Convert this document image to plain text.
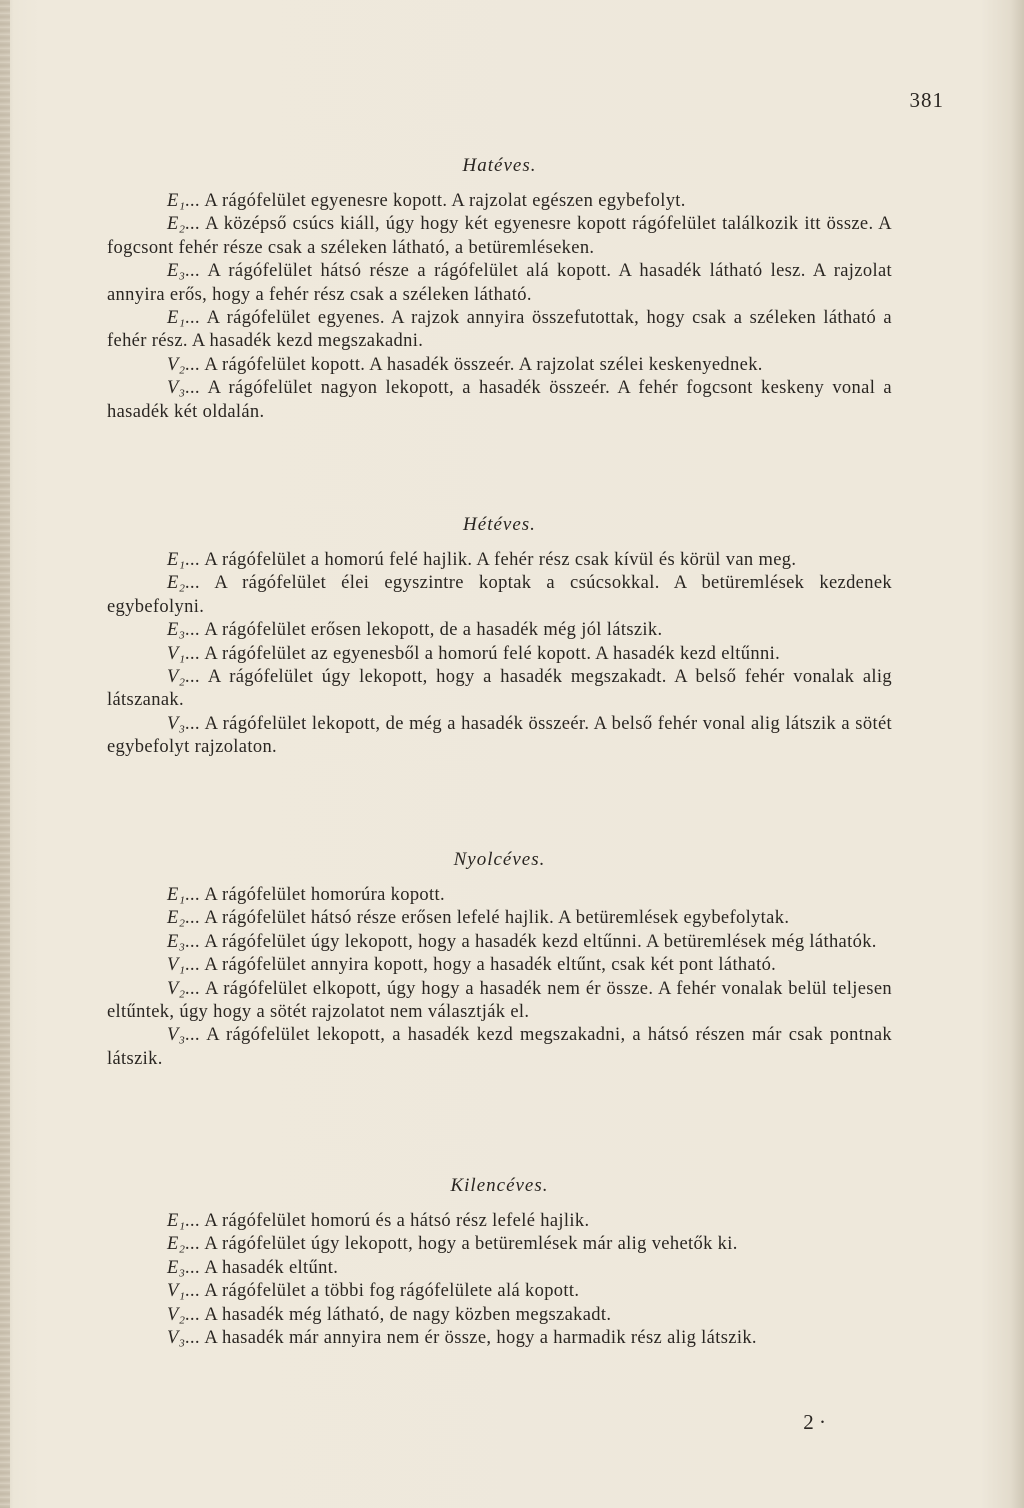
381
Hatéves.

E₁... A rágófelület egyenesre kopott. A rajzolat egészen egybefolyt.

E₂... A középső csúcs kiáll, úgy hogy két egyenesre kopott rágófelület találkozik itt össze. A fogcsont fehér része csak a széleken látható, a betüremléseken.

E₃... A rágófelület hátsó része a rágófelület alá kopott. A hasadék látható lesz. A rajzolat annyira erős, hogy a fehér rész csak a széleken látható.

E₁... A rágófelület egyenes. A rajzok annyira összefutottak, hogy csak a széleken látható a fehér rész. A hasadék kezd megszakadni.

V₂... A rágófelület kopott. A hasadék összeér. A rajzolat szélei keskenyednek.

V₃... A rágófelület nagyon lekopott, a hasadék összeér. A fehér fogcsont keskeny vonal a hasadék két oldalán.

Hétéves.

E₁... A rágófelület a homorú felé hajlik. A fehér rész csak kívül és körül van meg.

E₂... A rágófelület élei egyszintre koptak a csúcsokkal. A betüremlések kezdenek egybefolyni.

E₃... A rágófelület erősen lekopott, de a hasadék még jól látszik.

V₁... A rágófelület az egyenesből a homorú felé kopott. A hasadék kezd eltűnni.

V₂... A rágófelület úgy lekopott, hogy a hasadék megszakadt. A belső fehér vonalak alig látszanak.

V₃... A rágófelület lekopott, de még a hasadék összeér. A belső fehér vonal alig látszik a sötét egybefolyt rajzolaton.

Nyolcéves.

E₁... A rágófelület homorúra kopott.

E₂... A rágófelület hátsó része erősen lefelé hajlik. A betüremlések egybefolytak.

E₃... A rágófelület úgy lekopott, hogy a hasadék kezd eltűnni. A betüremlések még láthatók.

V₁... A rágófelület annyira kopott, hogy a hasadék eltűnt, csak két pont látható.

V₂... A rágófelület elkopott, úgy hogy a hasadék nem ér össze. A fehér vonalak belül teljesen eltűntek, úgy hogy a sötét rajzolatot nem választják el.

V₃... A rágófelület lekopott, a hasadék kezd megszakadni, a hátsó részen már csak pontnak látszik.

Kilencéves.

E₁... A rágófelület homorú és a hátsó rész lefelé hajlik.

E₂... A rágófelület úgy lekopott, hogy a betüremlések már alig vehetők ki.

E₃... A hasadék eltűnt.

V₁... A rágófelület a többi fog rágófelülete alá kopott.

V₂... A hasadék még látható, de nagy közben megszakadt.

V₃... A hasadék már annyira nem ér össze, hogy a harmadik rész alig látszik.

2 ·
